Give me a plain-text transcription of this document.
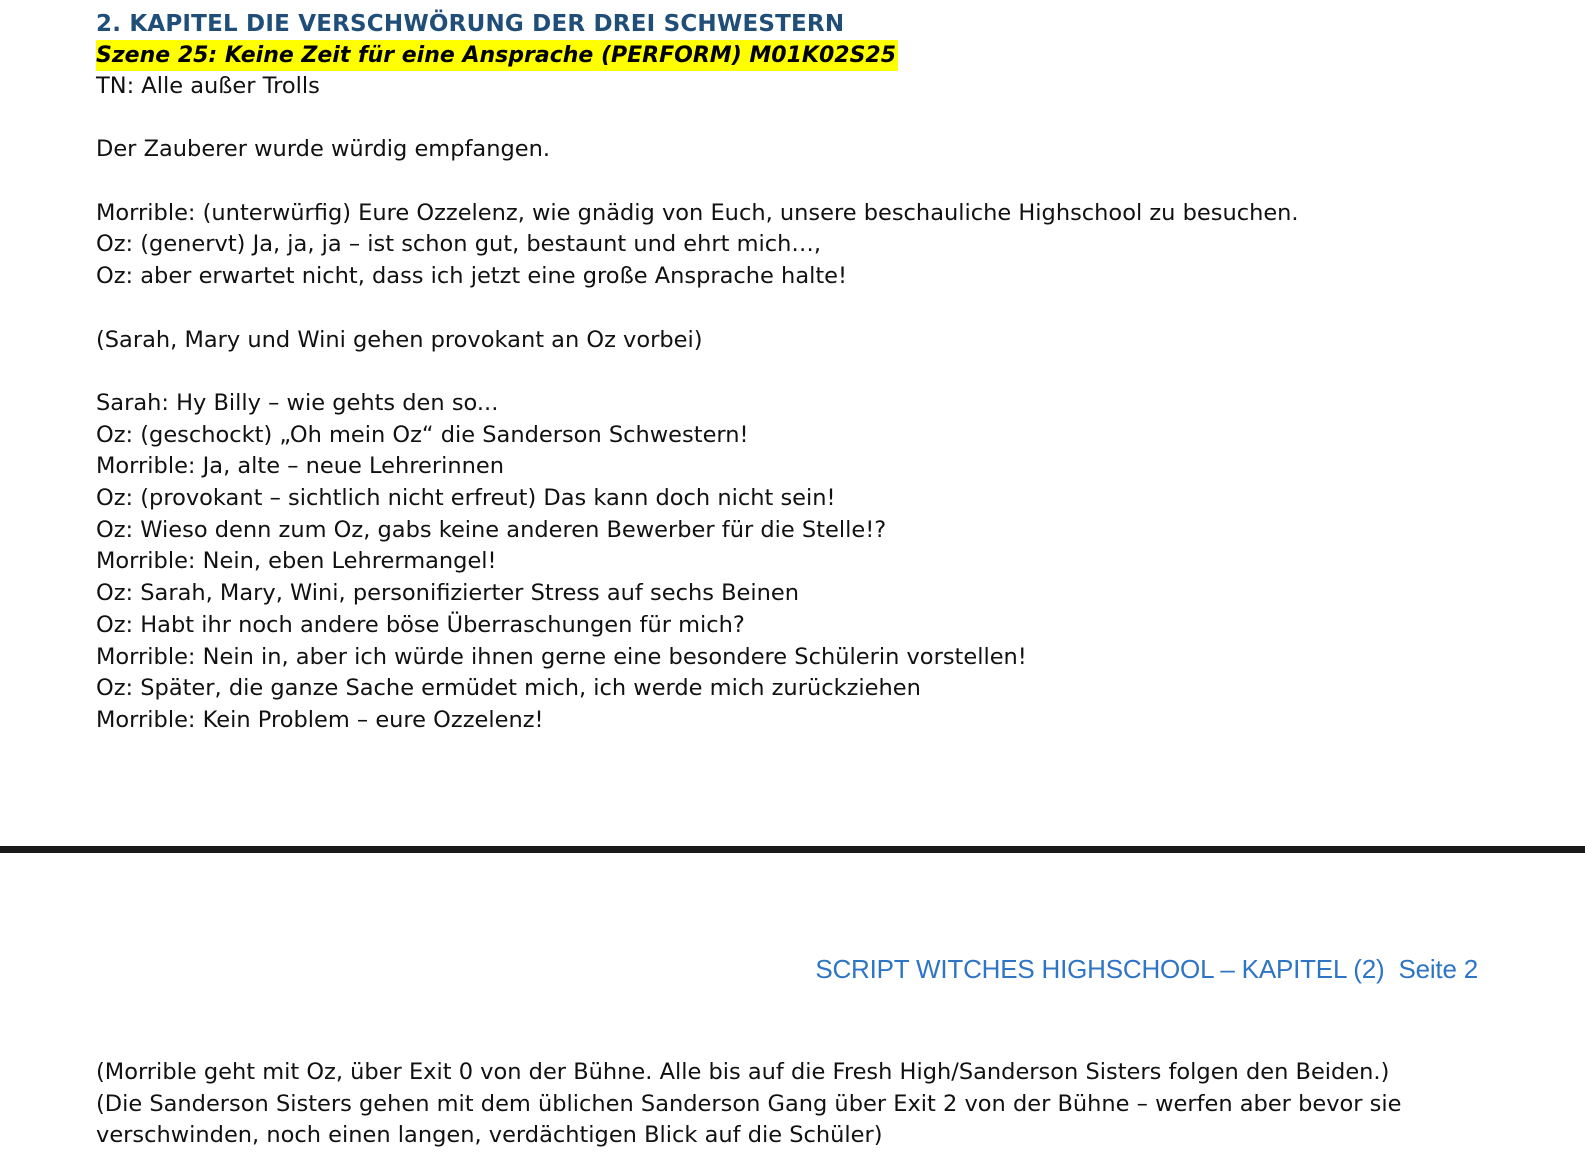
2. KAPITEL DIE VERSCHWÖRUNG DER DREI SCHWESTERN
Szene 25: Keine Zeit für eine Ansprache (PERFORM) M01K02S25
TN: Alle außer Trolls
Der Zauberer wurde würdig empfangen.
Morrible: (unterwürfig) Eure Ozzelenz, wie gnädig von Euch, unsere beschauliche Highschool zu besuchen.
Oz: (genervt) Ja, ja, ja – ist schon gut, bestaunt und ehrt mich…,
Oz: aber erwartet nicht, dass ich jetzt eine große Ansprache halte!
(Sarah, Mary und Wini gehen provokant an Oz vorbei)
Sarah: Hy Billy – wie gehts den so...
Oz: (geschockt) „Oh mein Oz“ die Sanderson Schwestern!
Morrible: Ja, alte – neue Lehrerinnen
Oz: (provokant – sichtlich nicht erfreut) Das kann doch nicht sein!
Oz: Wieso denn zum Oz, gabs keine anderen Bewerber für die Stelle!?
Morrible: Nein, eben Lehrermangel!
Oz: Sarah, Mary, Wini, personifizierter Stress auf sechs Beinen
Oz: Habt ihr noch andere böse Überraschungen für mich?
Morrible: Nein in, aber ich würde ihnen gerne eine besondere Schülerin vorstellen!
Oz: Später, die ganze Sache ermüdet mich, ich werde mich zurückziehen
Morrible: Kein Problem – eure Ozzelenz!
SCRIPT WITCHES HIGHSCHOOL – KAPITEL (2) Seite 2
(Morrible geht mit Oz, über Exit 0 von der Bühne. Alle bis auf die Fresh High/Sanderson Sisters folgen den Beiden.)
(Die Sanderson Sisters gehen mit dem üblichen Sanderson Gang über Exit 2 von der Bühne – werfen aber bevor sie
verschwinden, noch einen langen, verdächtigen Blick auf die Schüler)
